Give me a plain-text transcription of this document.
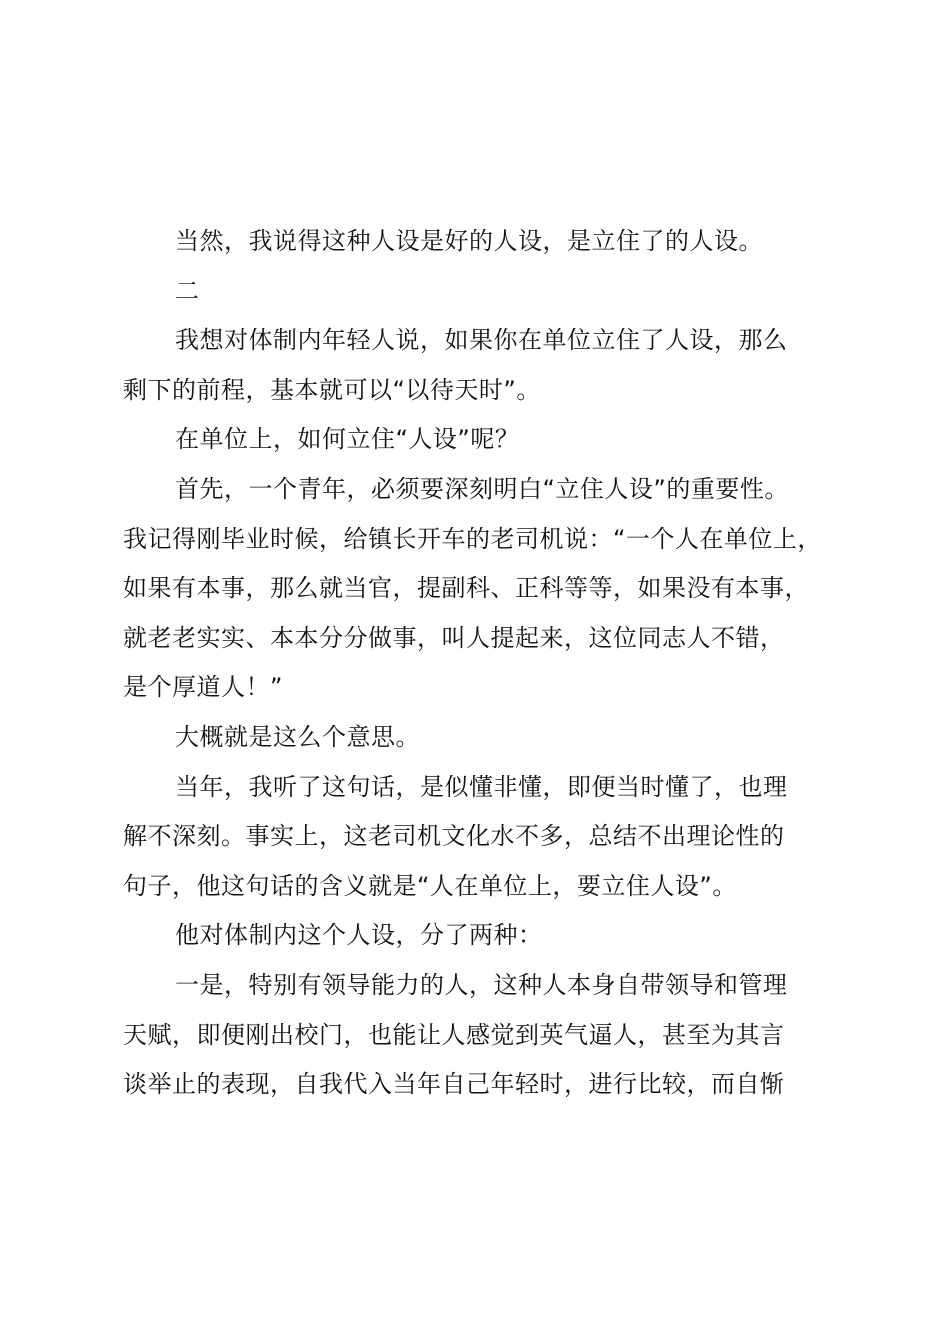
当然，我说得这种人设是好的人设，是立住了的人设。
二
我想对体制内年轻人说，如果你在单位立住了人设，那么
剩下的前程，基本就可以“以待天时”。
在单位上，如何立住“人设”呢？
首先，一个青年，必须要深刻明白“立住人设”的重要性。
我记得刚毕业时候，给镇长开车的老司机说：“一个人在单位上，
如果有本事，那么就当官，提副科、正科等等，如果没有本事，
就老老实实、本本分分做事，叫人提起来，这位同志人不错，
是个厚道人！”
大概就是这么个意思。
当年，我听了这句话，是似懂非懂，即便当时懂了，也理
解不深刻。事实上，这老司机文化水不多，总结不出理论性的
句子，他这句话的含义就是“人在单位上，要立住人设”。
他对体制内这个人设，分了两种：
一是，特别有领导能力的人，这种人本身自带领导和管理
天赋，即便刚出校门，也能让人感觉到英气逼人，甚至为其言
谈举止的表现，自我代入当年自己年轻时，进行比较，而自惭
